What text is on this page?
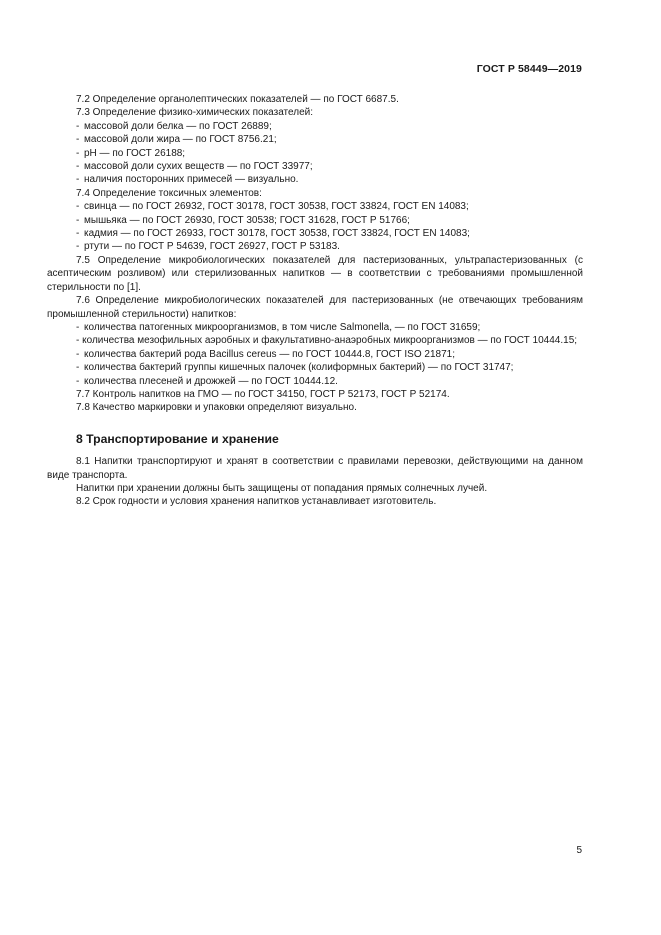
ГОСТ Р 58449—2019

7.2 Определение органолептических показателей — по ГОСТ 6687.5.

7.3 Определение физико-химических показателей:

- массовой доли белка — по ГОСТ 26889;

- массовой доли жира — по ГОСТ 8756.21;

- pH — по ГОСТ 26188;

- массовой доли сухих веществ — по ГОСТ 33977;

- наличия посторонних примесей — визуально.

7.4 Определение токсичных элементов:

- свинца — по ГОСТ 26932, ГОСТ 30178, ГОСТ 30538, ГОСТ 33824, ГОСТ EN 14083;

- мышьяка — по ГОСТ 26930, ГОСТ 30538; ГОСТ 31628, ГОСТ Р 51766;

- кадмия — по ГОСТ 26933, ГОСТ 30178, ГОСТ 30538, ГОСТ 33824, ГОСТ EN 14083;

- ртути — по ГОСТ Р 54639, ГОСТ 26927, ГОСТ Р 53183.

7.5 Определение микробиологических показателей для пастеризованных, ультрапастеризованных (с асептическим розливом) или стерилизованных напитков — в соответствии с требованиями промышленной стерильности по [1].

7.6 Определение микробиологических показателей для пастеризованных (не отвечающих требованиям промышленной стерильности) напитков:

- количества патогенных микроорганизмов, в том числе Salmonella, — по ГОСТ 31659;

- количества мезофильных аэробных и факультативно-анаэробных микроорганизмов — по ГОСТ 10444.15;

- количества бактерий рода Bacillus cereus — по ГОСТ 10444.8, ГОСТ ISO 21871;

- количества бактерий группы кишечных палочек (колиформных бактерий) — по ГОСТ 31747;

- количества плесеней и дрожжей — по ГОСТ 10444.12.

7.7 Контроль напитков на ГМО — по ГОСТ 34150, ГОСТ Р 52173, ГОСТ Р 52174.

7.8 Качество маркировки и упаковки определяют визуально.

8 Транспортирование и хранение

8.1 Напитки транспортируют и хранят в соответствии с правилами перевозки, действующими на данном виде транспорта.

Напитки при хранении должны быть защищены от попадания прямых солнечных лучей.

8.2 Срок годности и условия хранения напитков устанавливает изготовитель.

5
